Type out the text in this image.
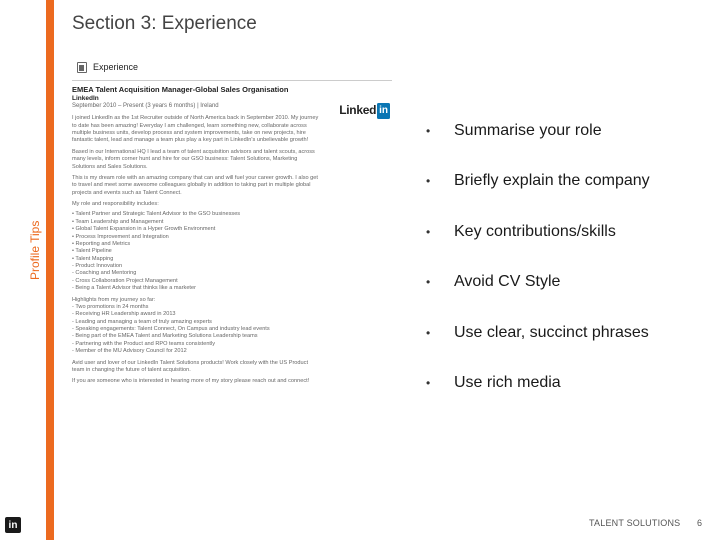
Profile Tips
in
Section 3: Experience
Experience
EMEA Talent Acquisition Manager-Global Sales Organisation
LinkedIn
September 2010 – Present (3 years 6 months) | Ireland	Linked in
I joined LinkedIn as the 1st Recruiter outside of North America back in September 2010. My journey
to date has been amazing! Everyday I am challenged, learn something new, collaborate across
multiple business units, develop process and system improvements, take on new projects, hire
fantastic talent, lead and manage a team plus play a key part in LinkedIn's unbelievable growth!
Based in our International HQ I lead a team of talent acquisition advisors and talent scouts, across
many levels, inform corner hunt and hire for our GSO business: Talent Solutions, Marketing
Solutions and Sales Solutions.
This is my dream role with an amazing company that can and will fuel your career growth. I also get
to travel and meet some awesome colleagues globally in addition to taking part in multiple global
projects and events such as Talent Connect.
My role and responsibility includes:
• Talent Partner and Strategic Talent Advisor to the GSO businesses
• Team Leadership and Management
• Global Talent Expansion in a Hyper Growth Environment
• Process Improvement and Integration
• Reporting and Metrics
• Talent Pipeline
• Talent Mapping
- Product Innovation
- Coaching and Mentoring
- Cross Collaboration Project Management
- Being a Talent Advisor that thinks like a marketer
Highlights from my journey so far:
- Two promotions in 24 months
- Receiving HR Leadership award in 2013
- Leading and managing a team of truly amazing experts
- Speaking engagements: Talent Connect, On Campus and industry lead events
- Being part of the EMEA Talent and Marketing Solutions Leadership teams
- Partnering with the Product and RPO teams consistently
- Member of the MU Advisory Council for 2012
Avid user and lover of our LinkedIn Talent Solutions products! Work closely with the US Product
team in changing the future of talent acquisition.
If you are someone who is interested in hearing more of my story please reach out and connect!
•	Summarise your role
•	Briefly explain the company
•	Key contributions/skills
•	Avoid CV Style
•	Use clear, succinct phrases
•	Use rich media
TALENT SOLUTIONS 6
